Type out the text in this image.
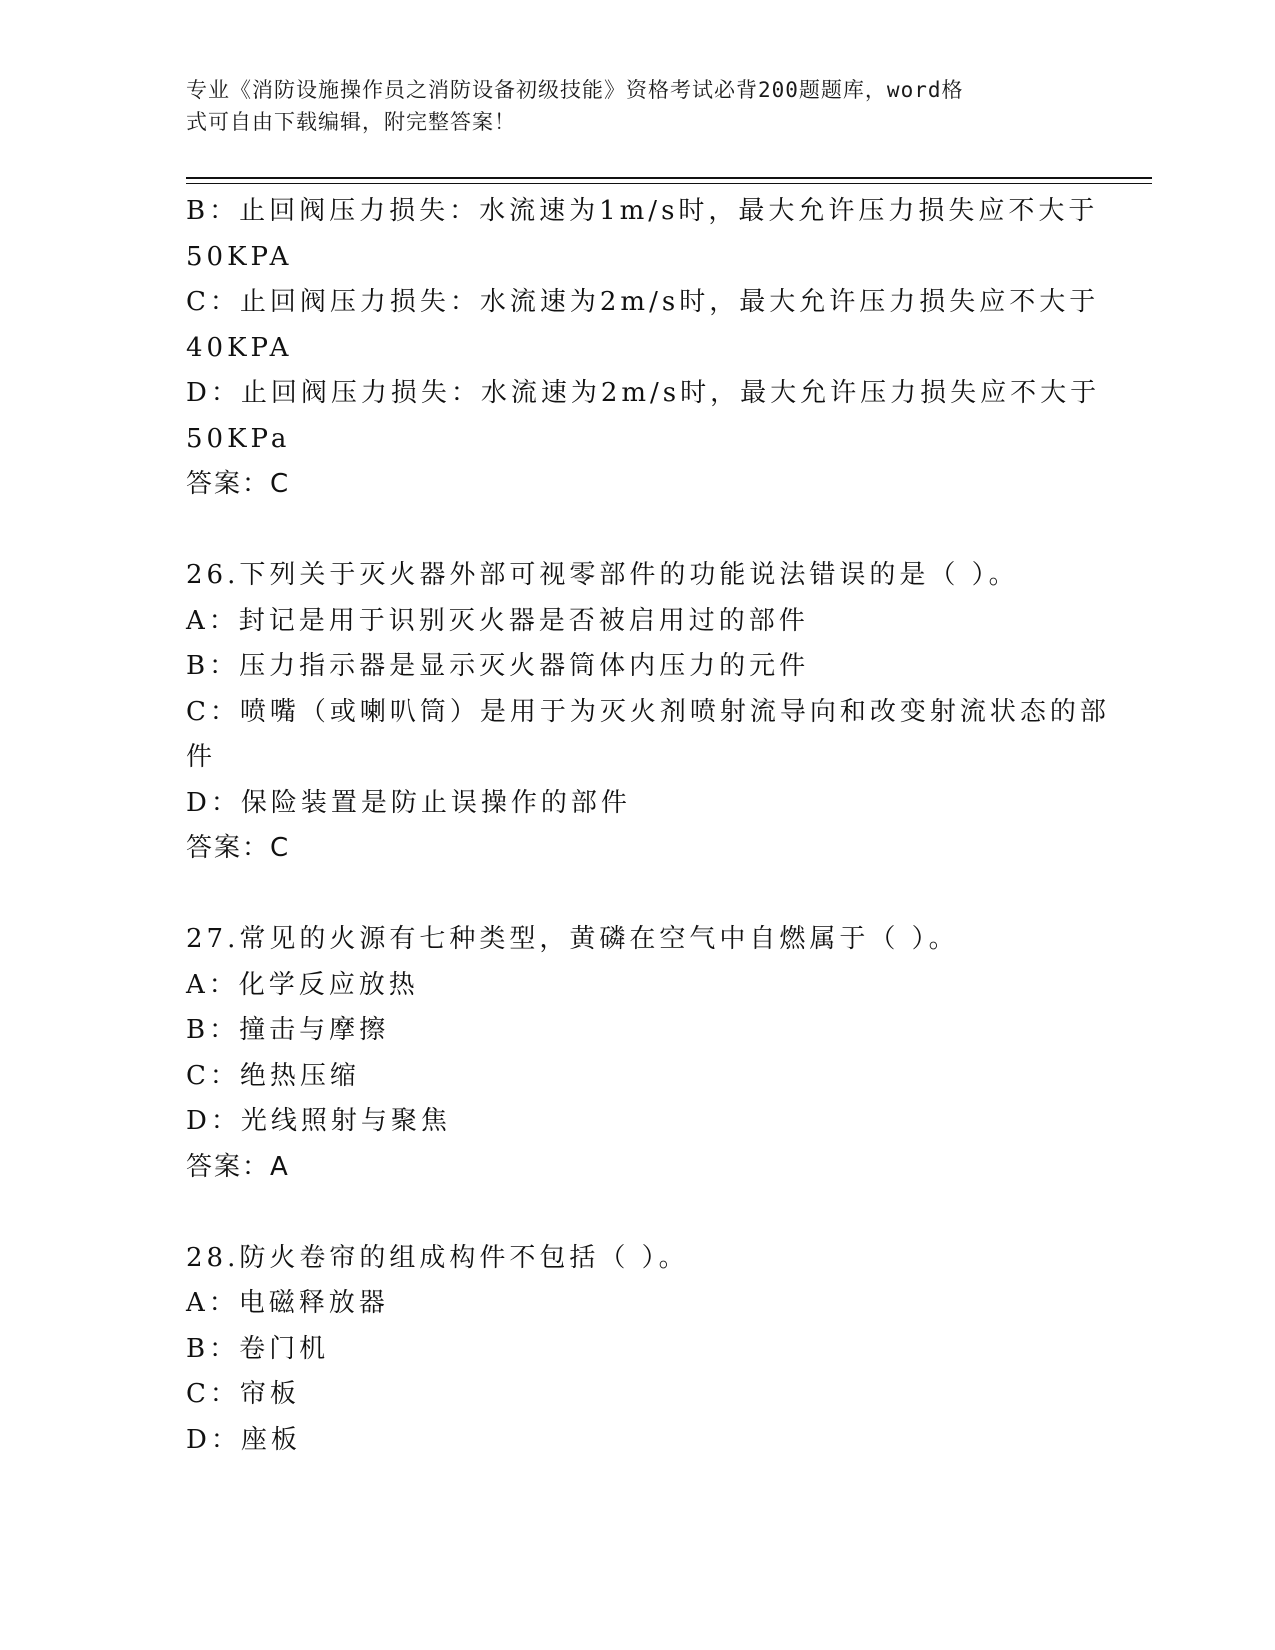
专业《消防设施操作员之消防设备初级技能》资格考试必背200题题库，word格
式可自由下载编辑，附完整答案！
B：止回阀压力损失：水流速为1m/s时，最大允许压力损失应不大于
50KPA
C：止回阀压力损失：水流速为2m/s时，最大允许压力损失应不大于
40KPA
D：止回阀压力损失：水流速为2m/s时，最大允许压力损失应不大于
50KPa
答案：C
26.下列关于灭火器外部可视零部件的功能说法错误的是（ ）。
A：封记是用于识别灭火器是否被启用过的部件
B：压力指示器是显示灭火器筒体内压力的元件
C：喷嘴（或喇叭筒）是用于为灭火剂喷射流导向和改变射流状态的部
件
D：保险装置是防止误操作的部件
答案：C
27.常见的火源有七种类型，黄磷在空气中自燃属于（ ）。
A：化学反应放热
B：撞击与摩擦
C：绝热压缩
D：光线照射与聚焦
答案：A
28.防火卷帘的组成构件不包括（ ）。
A：电磁释放器
B：卷门机
C：帘板
D：座板
